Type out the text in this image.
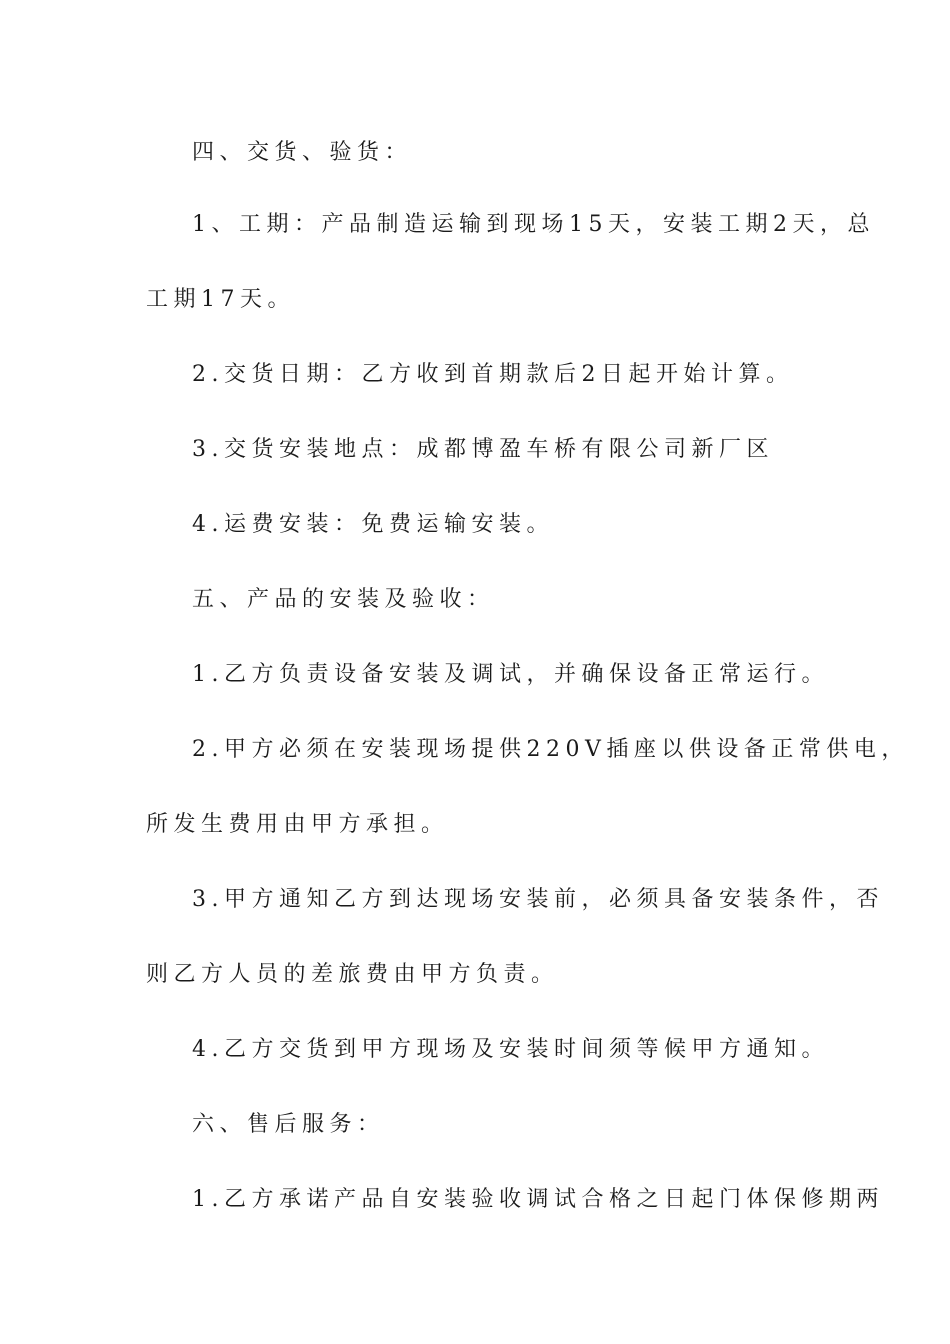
四、交货、验货：
1、工期：产品制造运输到现场15天，安装工期2天，总
工期17天。
2.交货日期：乙方收到首期款后2日起开始计算。
3.交货安装地点：成都博盈车桥有限公司新厂区
4.运费安装：免费运输安装。
五、产品的安装及验收：
1.乙方负责设备安装及调试，并确保设备正常运行。
2.甲方必须在安装现场提供220V插座以供设备正常供电，
所发生费用由甲方承担。
3.甲方通知乙方到达现场安装前，必须具备安装条件，否
则乙方人员的差旅费由甲方负责。
4.乙方交货到甲方现场及安装时间须等候甲方通知。
六、售后服务：
1.乙方承诺产品自安装验收调试合格之日起门体保修期两
